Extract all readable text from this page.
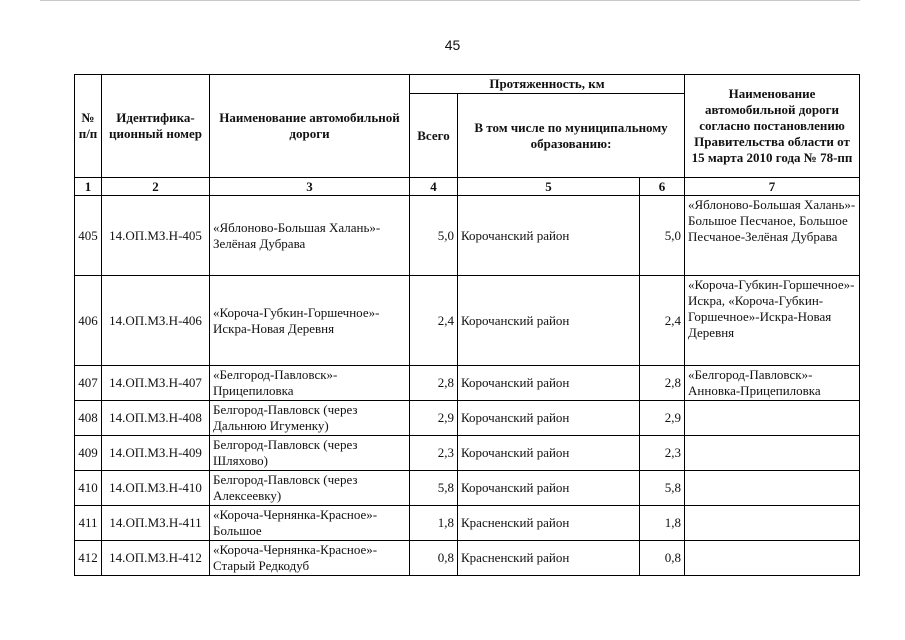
45
№ п/п	Идентифика-ционный номер	Наименование автомобильной дороги	Протяженность, км			Наименование автомобильной дороги согласно постановлению Правительства области от 15 марта 2010 года № 78-пп
			Всего	В том числе по муниципальному образованию:		
1	2	3	4	5	6	7
405	14.ОП.МЗ.Н-405	«Яблоново-Большая Халань»-Зелёная Дубрава	5,0	Корочанский район	5,0	«Яблоново-Большая Халань»-Большое Песчаное, Большое Песчаное-Зелёная Дубрава
406	14.ОП.МЗ.Н-406	«Короча-Губкин-Горшечное»-Искра-Новая Деревня	2,4	Корочанский район	2,4	«Короча-Губкин-Горшечное»-Искра, «Короча-Губкин-Горшечное»-Искра-Новая Деревня
407	14.ОП.МЗ.Н-407	«Белгород-Павловск»-Прицепиловка	2,8	Корочанский район	2,8	«Белгород-Павловск»-Анновка-Прицепиловка
408	14.ОП.МЗ.Н-408	Белгород-Павловск (через Дальнюю Игуменку)	2,9	Корочанский район	2,9	
409	14.ОП.МЗ.Н-409	Белгород-Павловск (через Шляхово)	2,3	Корочанский район	2,3	
410	14.ОП.МЗ.Н-410	Белгород-Павловск (через Алексеевку)	5,8	Корочанский район	5,8	
411	14.ОП.МЗ.Н-411	«Короча-Чернянка-Красное»-Большое	1,8	Красненский район	1,8	
412	14.ОП.МЗ.Н-412	«Короча-Чернянка-Красное»-Старый Редкодуб	0,8	Красненский район	0,8	
